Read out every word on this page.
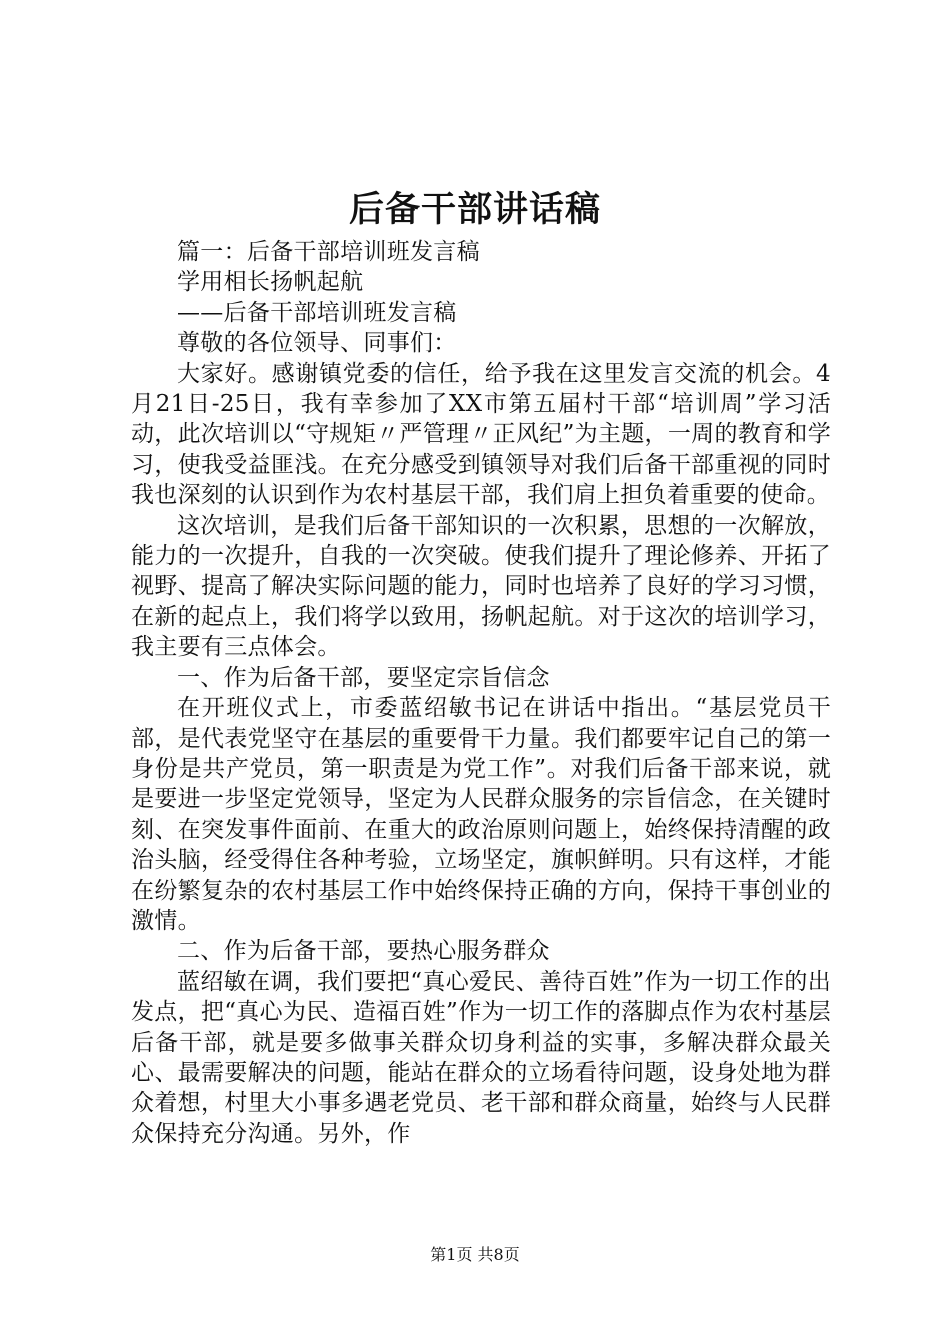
后备干部讲话稿

篇一：后备干部培训班发言稿

学用相长扬帆起航

——后备干部培训班发言稿

尊敬的各位领导、同事们：

大家好。感谢镇党委的信任，给予我在这里发言交流的机会。4月21日-25日，我有幸参加了XX市第五届村干部“培训周”学习活动，此次培训以“守规矩〃严管理〃正风纪”为主题，一周的教育和学习，使我受益匪浅。在充分感受到镇领导对我们后备干部重视的同时我也深刻的认识到作为农村基层干部，我们肩上担负着重要的使命。

这次培训，是我们后备干部知识的一次积累，思想的一次解放，能力的一次提升，自我的一次突破。使我们提升了理论修养、开拓了视野、提高了解决实际问题的能力，同时也培养了良好的学习习惯，在新的起点上，我们将学以致用，扬帆起航。对于这次的培训学习，我主要有三点体会。

一、作为后备干部，要坚定宗旨信念

在开班仪式上，市委蓝绍敏书记在讲话中指出。“基层党员干部，是代表党坚守在基层的重要骨干力量。我们都要牢记自己的第一身份是共产党员，第一职责是为党工作”。对我们后备干部来说，就是要进一步坚定党领导，坚定为人民群众服务的宗旨信念，在关键时刻、在突发事件面前、在重大的政治原则问题上，始终保持清醒的政治头脑，经受得住各种考验，立场坚定，旗帜鲜明。只有这样，才能在纷繁复杂的农村基层工作中始终保持正确的方向，保持干事创业的激情。

二、作为后备干部，要热心服务群众

蓝绍敏在调，我们要把“真心爱民、善待百姓”作为一切工作的出发点，把“真心为民、造福百姓”作为一切工作的落脚点作为农村基层后备干部，就是要多做事关群众切身利益的实事，多解决群众最关心、最需要解决的问题，能站在群众的立场看待问题，设身处地为群众着想，村里大小事多遇老党员、老干部和群众商量，始终与人民群众保持充分沟通。另外，作

第1页 共8页
